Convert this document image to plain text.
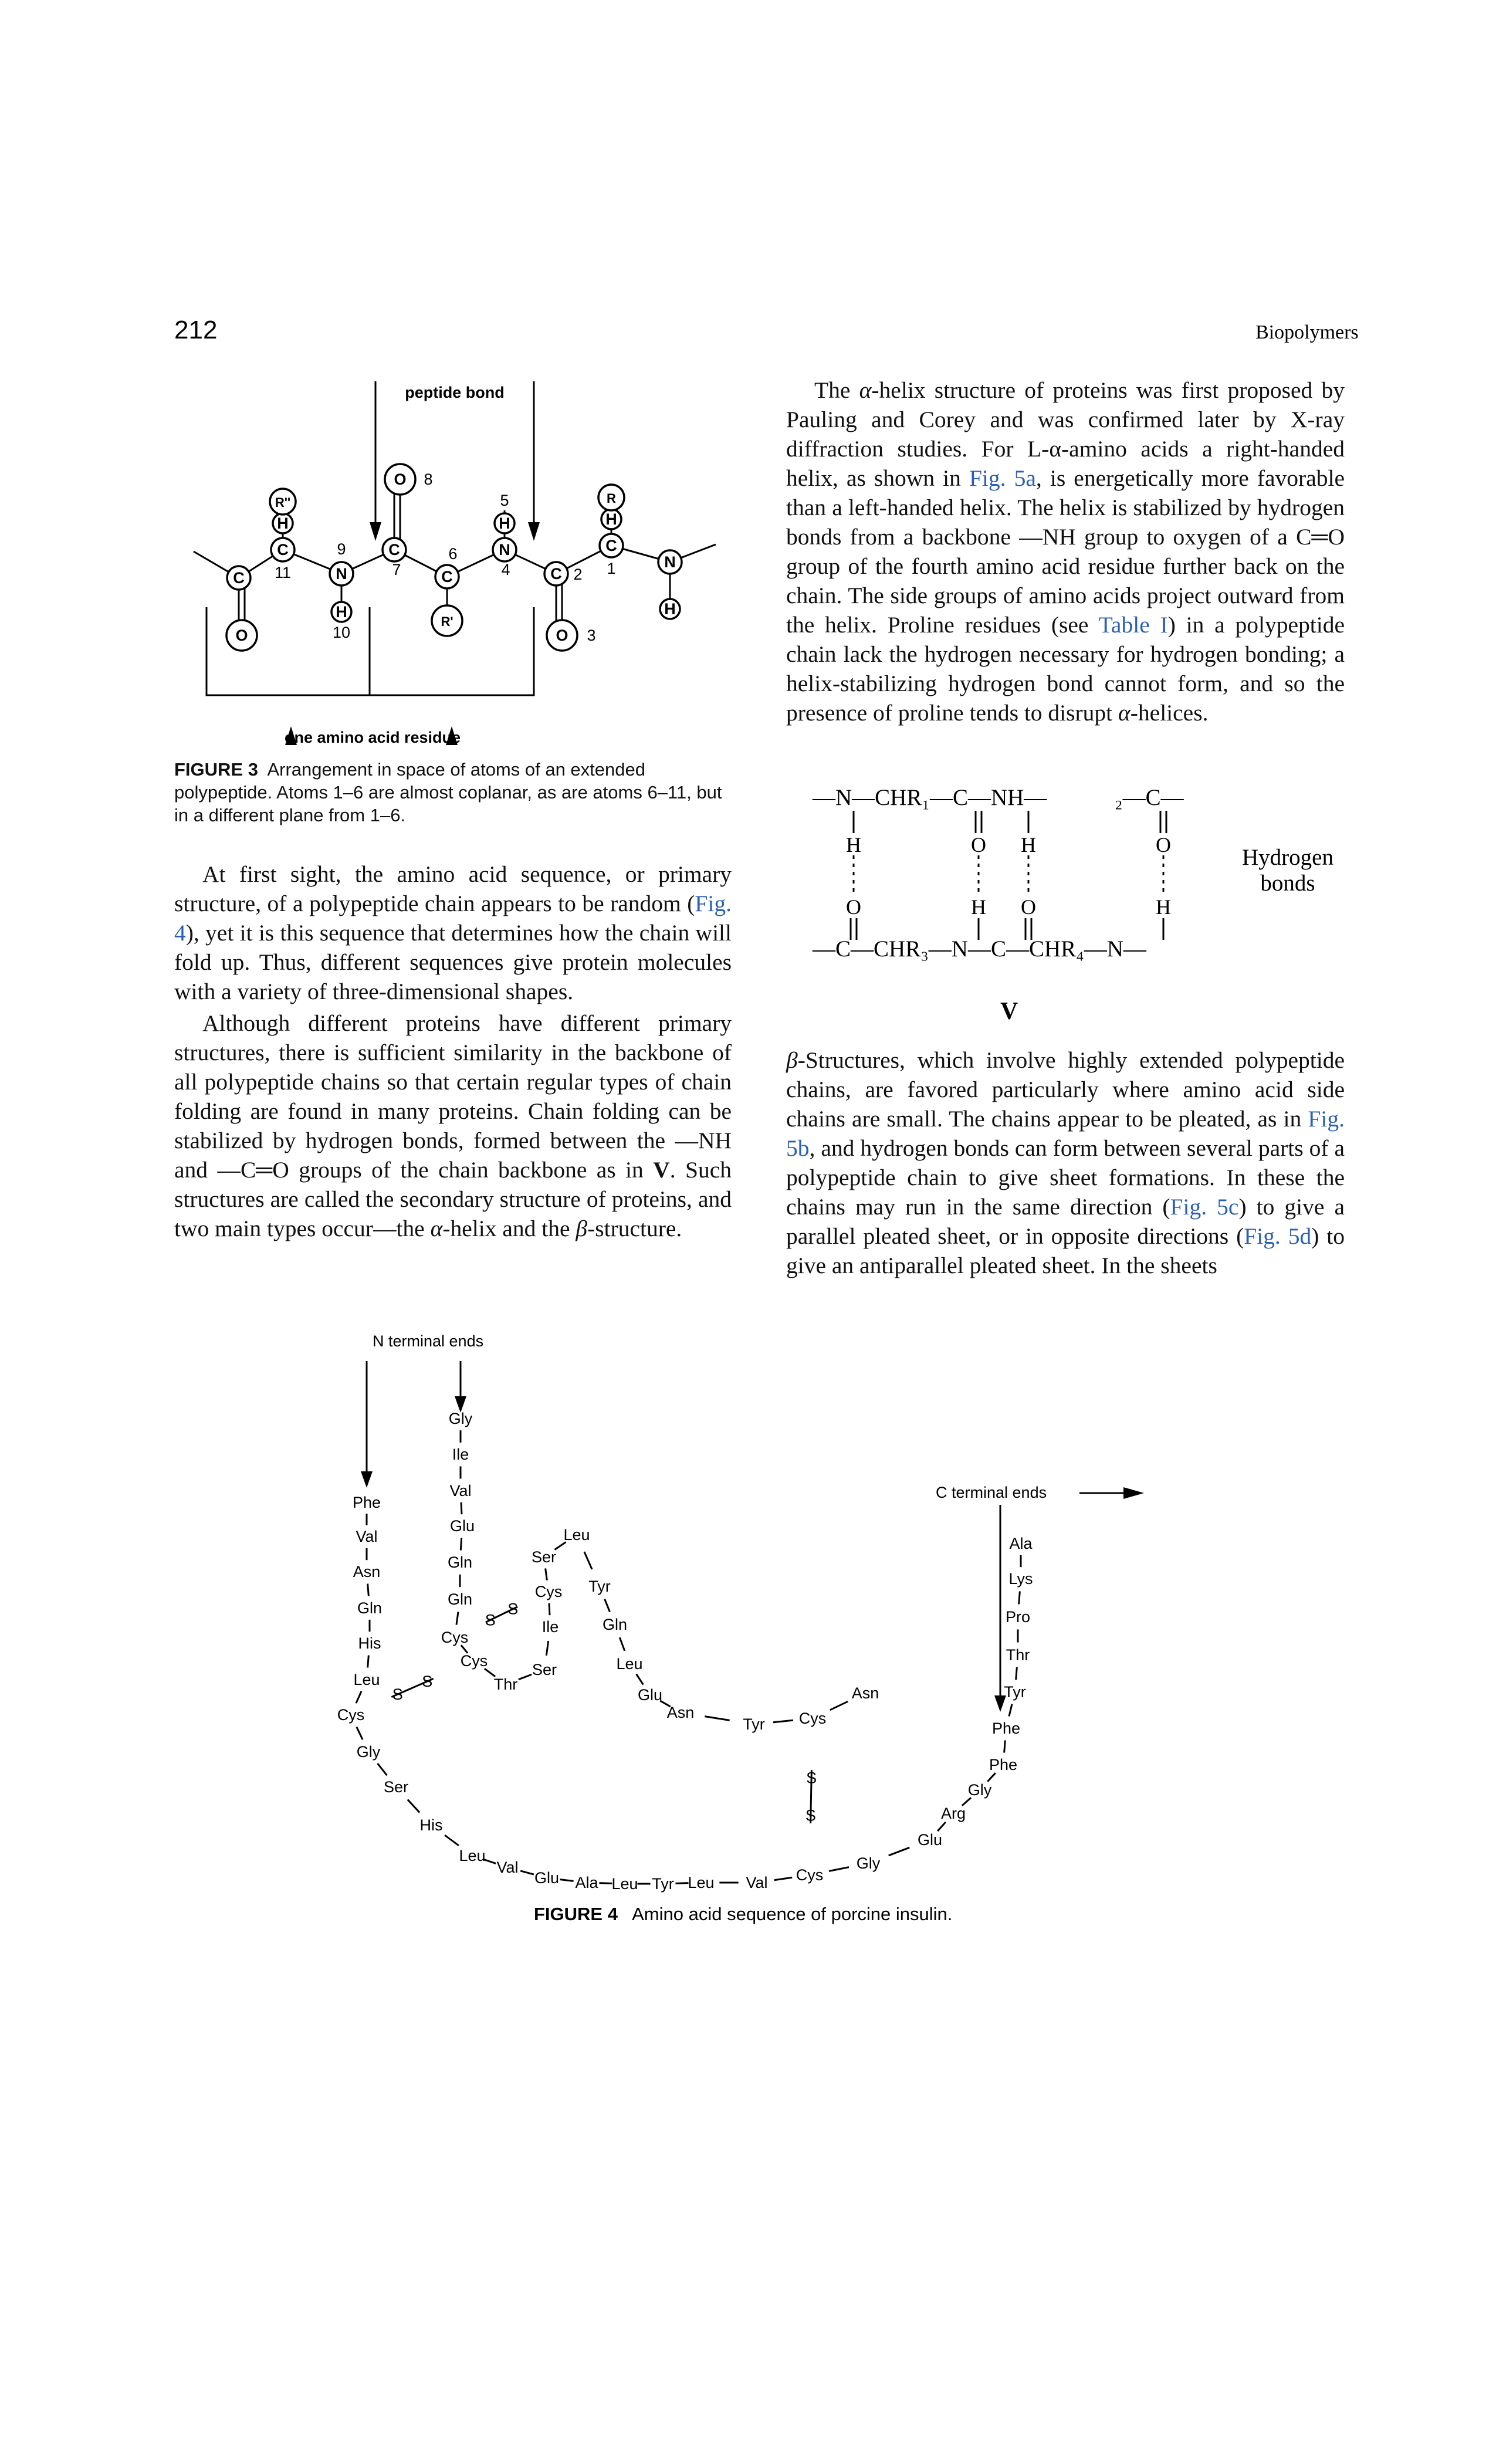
212	Biopolymers
C
C
N
C
C
N
C
C
N
O
O
O
H
H
H	H
H
R''
R'
R
1
2
3
4
5
6
7
8
9
10
11
peptide bond
one amino acid residue

FIGURE 3 Arrangement in space of atoms of an extended polypeptide. Atoms 1–6 are almost coplanar, as are atoms 6–11, but in a different plane from 1–6.

At first sight, the amino acid sequence, or primary structure, of a polypeptide chain appears to be random (Fig. 4), yet it is this sequence that determines how the chain will fold up. Thus, different sequences give protein molecules with a variety of three-dimensional shapes.

Although different proteins have different primary structures, there is sufficient similarity in the backbone of all polypeptide chains so that certain regular types of chain folding are found in many proteins. Chain folding can be stabilized by hydrogen bonds, formed between the —NH and —C═O groups of the chain backbone as in V. Such structures are called the secondary structure of proteins, and two main types occur—the α-helix and the β-structure.

The α-helix structure of proteins was first proposed by Pauling and Corey and was confirmed later by X-ray diffraction studies. For L-α-amino acids a right-handed helix, as shown in Fig. 5a, is energetically more favorable than a left-handed helix. The helix is stabilized by hydrogen bonds from a backbone —NH group to oxygen of a C═O group of the fourth amino acid residue further back on the chain. The side groups of amino acids project outward from the helix. Proline residues (see Table I) in a polypeptide chain lack the hydrogen necessary for hydrogen bonding; a helix-stabilizing hydrogen bond cannot form, and so the presence of proline tends to disrupt α-helices.

—N—CHR₁—C—NH—	₂—C—
—C—CHR₃—N—C—CHR₄—N—
H
O
O
H
H
O
O
H
Hydrogen bonds
V

β-Structures, which involve highly extended polypeptide chains, are favored particularly where amino acid side chains are small. The chains appear to be pleated, as in Fig. 5b, and hydrogen bonds can form between several parts of a polypeptide chain to give sheet formations. In these the chains may run in the same direction (Fig. 5c) to give a parallel pleated sheet, or in opposite directions (Fig. 5d) to give an antiparallel pleated sheet. In the sheets

N terminal ends
C terminal ends
Phe
Val
Asn
Gln
His
Leu
Cys
Gly
Ser
His
Leu
Val
Glu Ala Leu Tyr Leu Val Cys
Gly
Glu
Arg
Gly
Phe
Phe
Tyr
Thr
Pro
Lys
Ala
Gly
Ile
Val
Glu
Gln
Gln
Cys
Cys
Thr
Ser
Ile
Cys
Ser
Leu
Tyr
Gln
Leu
Glu
Asn
Tyr Cys
Asn
S
S
S
S
S
S
FIGURE 4 Amino acid sequence of porcine insulin.
